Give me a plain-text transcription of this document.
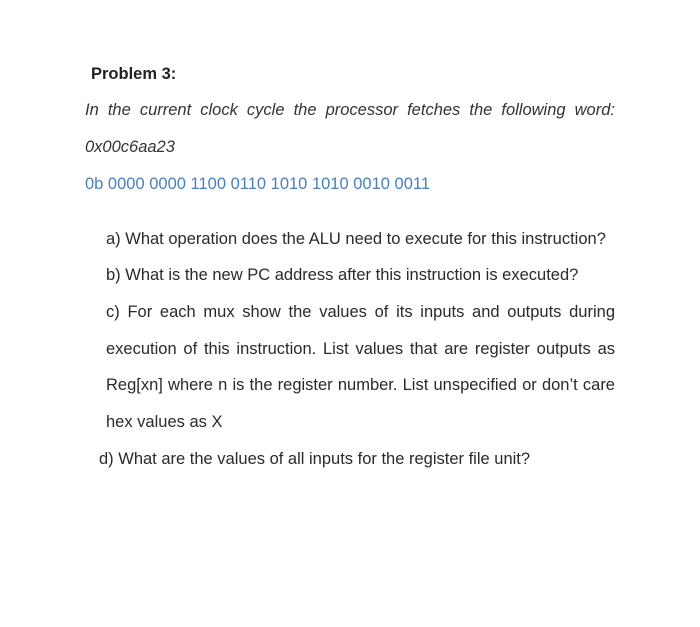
Problem 3:
In the current clock cycle the processor fetches the following word:
0x00c6aa23
0b 0000 0000 1100 0110 1010 1010 0010 0011
a) What operation does the ALU need to execute for this instruction?
b) What is the new PC address after this instruction is executed?
c) For each mux show the values of its inputs and outputs during
execution of this instruction. List values that are register outputs as
Reg[xn] where n is the register number. List unspecified or don’t care
hex values as X
d) What are the values of all inputs for the register file unit?
